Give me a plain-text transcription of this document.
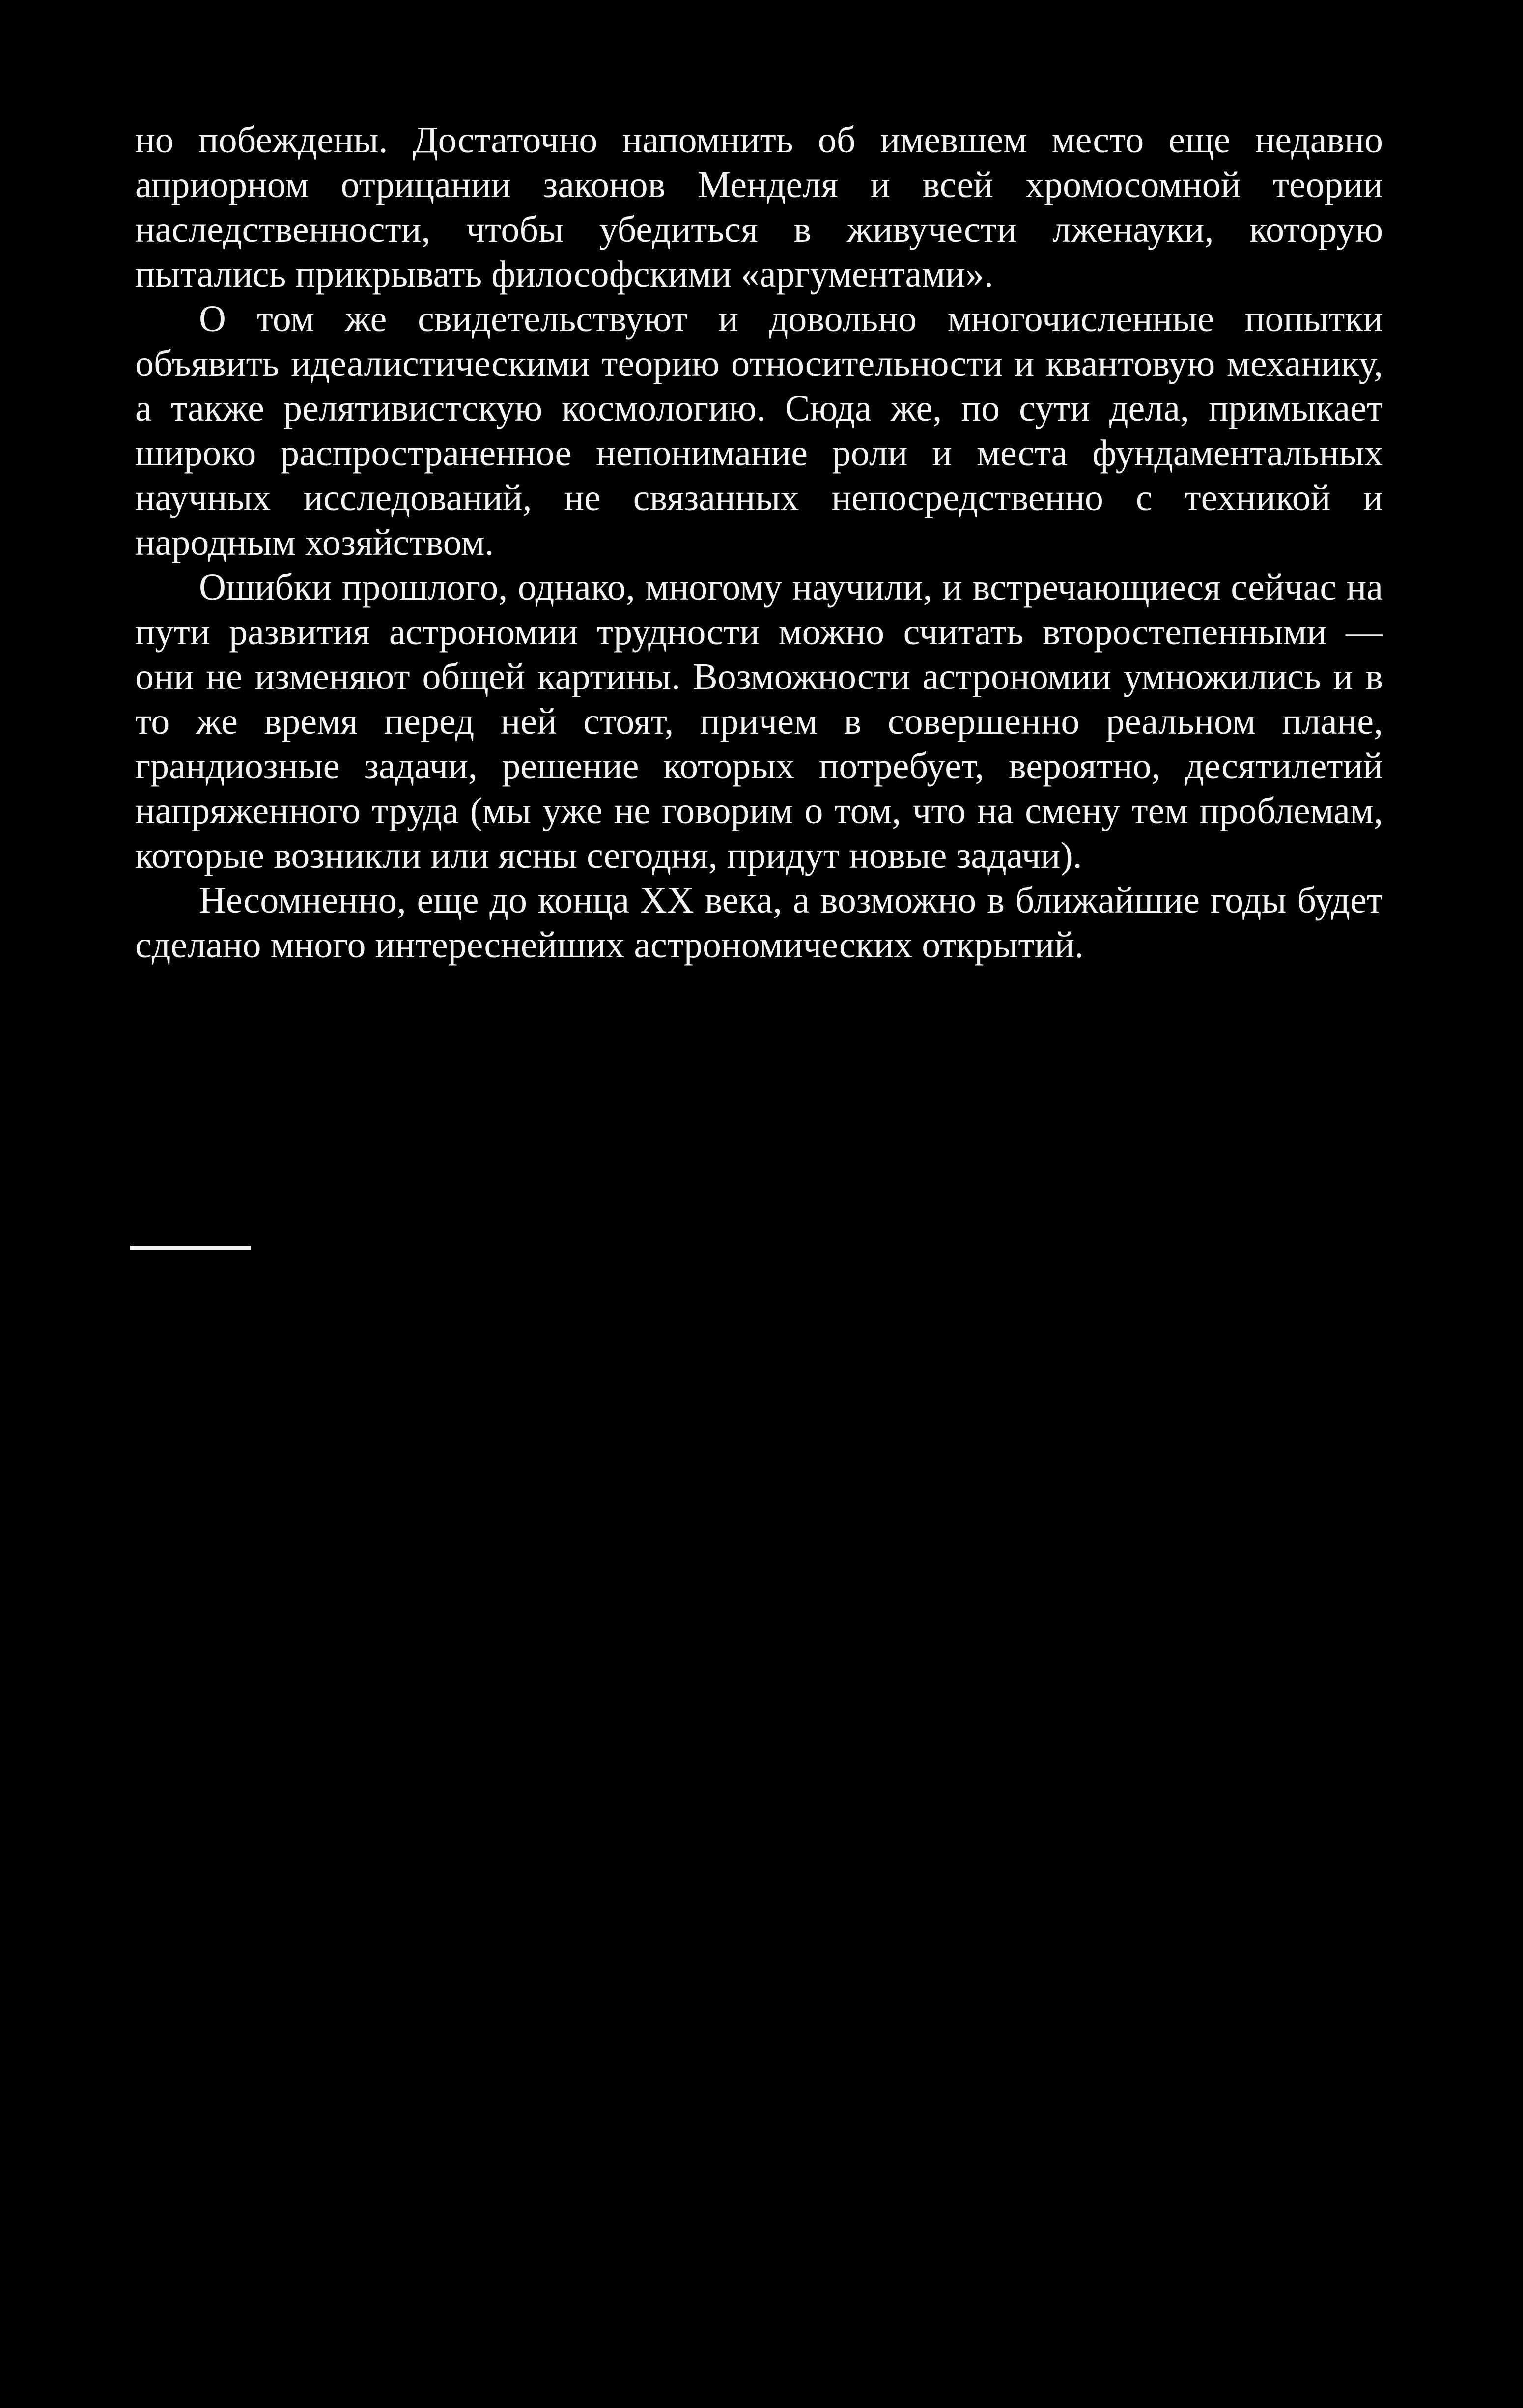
но побеждены. Достаточно напомнить об имевшем место еще недавно априорном отрицании законов Менделя и всей хромосомной теории наследственности, чтобы убедиться в живучести лженауки, которую пытались прикрывать философскими «аргументами».

О том же свидетельствуют и довольно многочисленные попытки объявить идеалистическими теорию относительности и квантовую механику, а также релятивистскую космологию. Сюда же, по сути дела, примыкает широко распространенное непонимание роли и места фундаментальных научных исследований, не связанных непосредственно с техникой и народным хозяйством.

Ошибки прошлого, однако, многому научили, и встречающиеся сейчас на пути развития астрономии трудности можно считать второстепенными — они не изменяют общей картины. Возможности астрономии умножились и в то же время перед ней стоят, причем в совершенно реальном плане, грандиозные задачи, решение которых потребует, вероятно, десятилетий напряженного труда (мы уже не говорим о том, что на смену тем проблемам, которые возникли или ясны сегодня, придут новые задачи).

Несомненно, еще до конца XX века, а возможно в ближайшие годы будет сделано много интереснейших астрономических открытий.
